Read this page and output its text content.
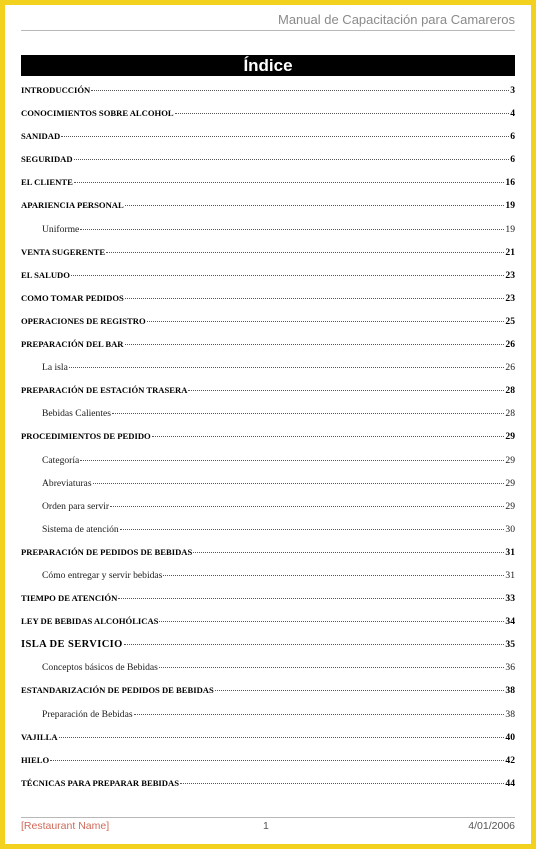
Manual de Capacitación para Camareros
Índice
INTRODUCCIÓN	3
CONOCIMIENTOS SOBRE ALCOHOL	4
SANIDAD	6
SEGURIDAD	6
EL CLIENTE	16
APARIENCIA PERSONAL	19
Uniforme	19
VENTA SUGERENTE	21
EL SALUDO	23
COMO TOMAR PEDIDOS	23
OPERACIONES DE REGISTRO	25
PREPARACIÓN DEL BAR	26
La isla	26
PREPARACIÓN DE ESTACIÓN TRASERA	28
Bebidas Calientes	28
PROCEDIMIENTOS DE PEDIDO	29
Categoría	29
Abreviaturas	29
Orden para servir	29
Sistema de atención	30
PREPARACIÓN DE PEDIDOS DE BEBIDAS	31
Cómo entregar y servir bebidas	31
TIEMPO DE ATENCIÓN	33
LEY DE BEBIDAS ALCOHÓLICAS	34
ISLA DE SERVICIO	35
Conceptos básicos de Bebidas	36
ESTANDARIZACIÓN DE PEDIDOS DE BEBIDAS	38
Preparación de Bebidas	38
VAJILLA	40
HIELO	42
TÉCNICAS PARA PREPARAR BEBIDAS	44
[Restaurant Name]	1	4/01/2006
